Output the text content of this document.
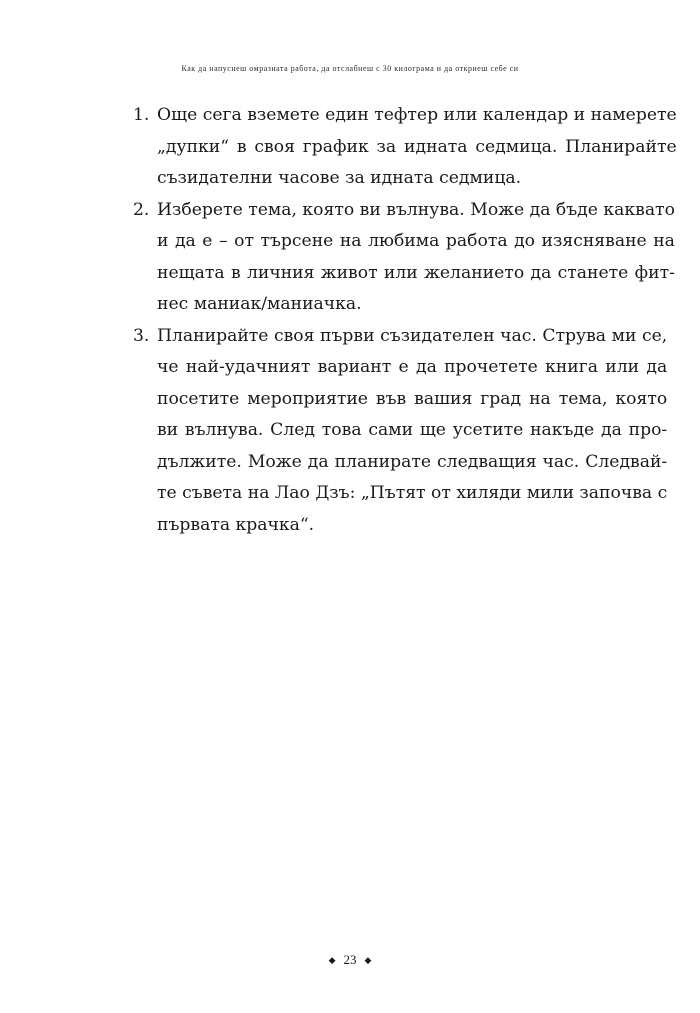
Как да напуснеш омразната работа, да отслабнеш с 30 килограма и да откриеш себе си
1. Още сега вземете един тефтер или календар и намерете
„дупки“ в своя график за идната седмица. Планирайте
съзидателни часове за идната седмица.
2. Изберете тема, която ви вълнува. Може да бъде каквато
и да е – от търсене на любима работа до изясняване на
нещата в личния живот или желанието да станете фит-
нес маниак/маниачка.
3. Планирайте своя първи съзидателен час. Струва ми се,
че най-удачният вариант е да прочетете книга или да
посетите мероприятие във вашия град на тема, която
ви вълнува. След това сами ще усетите накъде да про-
дължите. Може да планирате следващия час. Следвай-
те съвета на Лао Дзъ: „Пътят от хиляди мили започва с
първата крачка“.
◆ 23 ◆
